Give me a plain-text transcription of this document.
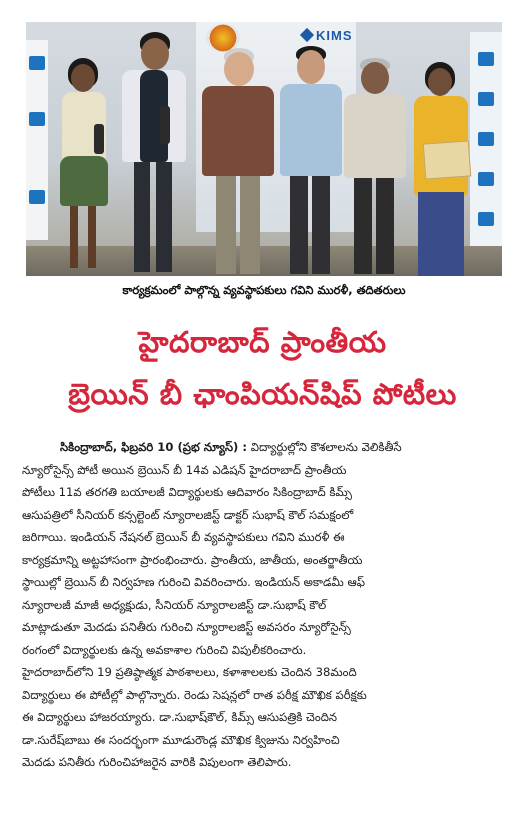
KIMS
కార్యక్రమంలో పాల్గొన్న వ్యవస్థాపకులు గవిని మురళీ, తదితరులు
హైదరాబాద్ ప్రాంతీయ
బ్రెయిన్ బీ ఛాంపియన్‌షిప్ పోటీలు
సికింద్రాబాద్, ఫిబ్రవరి 10 (ప్రభ న్యూస్) : విద్యార్థుల్లోని కౌశలాలను వెలికితీసే
న్యూరోసైన్స్ పోటీ అయిన బ్రెయిన్ బీ 14వ ఎడిషన్ హైదరాబాద్ ప్రాంతీయ
పోటీలు 11వ తరగతి బయాలజీ విద్యార్థులకు ఆదివారం సికింద్రాబాద్ కిమ్స్
ఆసుపత్రిలో సీనియర్ కన్సల్టెంట్ న్యూరాలజిస్ట్ డాక్టర్ సుభాష్ కౌల్ సమక్షంలో
జరిగాయి. ఇండియన్ నేషనల్ బ్రెయిన్ బీ వ్యవస్థాపకులు గవిని మురళీ ఈ
కార్యక్రమాన్ని అట్టహాసంగా ప్రారంభించారు. ప్రాంతీయ, జాతీయ, అంతర్జాతీయ
స్థాయిల్లో బ్రెయిన్ బీ నిర్వహణ గురించి వివరించారు. ఇండియన్ అకాడమీ ఆఫ్
న్యూరాలజీ మాజీ అధ్యక్షుడు, సీనియర్ న్యూరాలజిస్ట్ డా.సుభాష్ కౌల్
మాట్లాడుతూ మెదడు పనితీరు గురించి న్యూరాలజిస్ట్ అవసరం న్యూరోసైన్స్
రంగంలో విద్యార్థులకు ఉన్న అవకాశాల గురించి విపులీకరించారు.
హైదరాబాద్‌లోని 19 ప్రతిష్ఠాత్మక పాఠశాలలు, కళాశాలలకు చెందిన 38మంది
విద్యార్థులు ఈ పోటీల్లో పాల్గొన్నారు. రెండు సెషన్లలో రాత పరీక్ష మౌఖిక పరీక్షకు
ఈ విద్యార్థులు హాజరయ్యారు. డా.సుభాష్‌కౌల్, కిమ్స్ ఆసుపత్రికి చెందిన
డా.సురేష్‌బాబు ఈ సందర్భంగా మూడురౌండ్ల మౌఖిక క్విజును నిర్వహించి
మెదడు పనితీరు గురించిహాజరైన వారికి విపులంగా తెలిపారు.
